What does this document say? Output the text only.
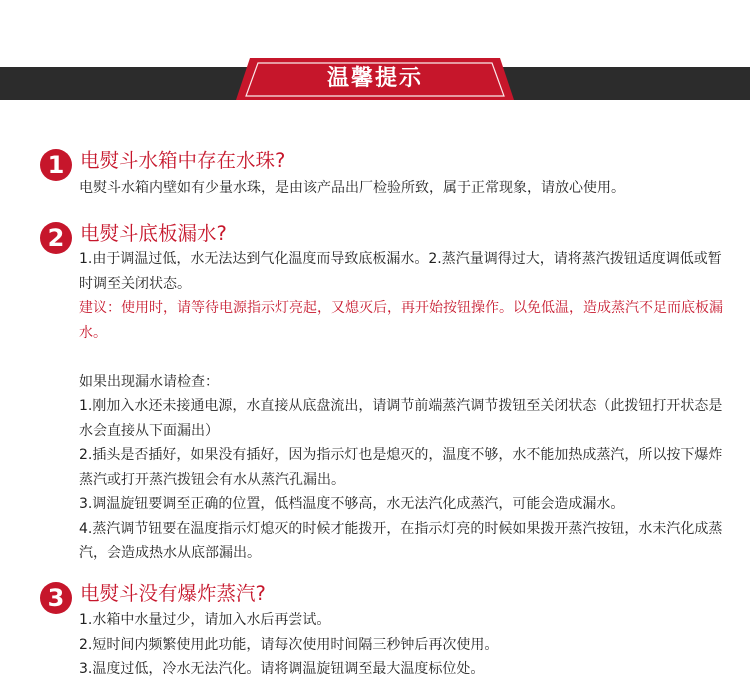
温馨提示
1 电熨斗水箱中存在水珠?

电熨斗水箱内壁如有少量水珠，是由该产品出厂检验所致，属于正常现象，请放心使用。

2 电熨斗底板漏水?

1.由于调温过低，水无法达到气化温度而导致底板漏水。2.蒸汽量调得过大，请将蒸汽拨钮适度调低或暂时调至关闭状态。

建议：使用时，请等待电源指示灯亮起，又熄灭后，再开始按钮操作。以免低温，造成蒸汽不足而底板漏水。

如果出现漏水请检查：

1.刚加入水还未接通电源，水直接从底盘流出，请调节前端蒸汽调节拨钮至关闭状态（此拨钮打开状态是水会直接从下面漏出）

2.插头是否插好，如果没有插好，因为指示灯也是熄灭的，温度不够，水不能加热成蒸汽，所以按下爆炸蒸汽或打开蒸汽拨钮会有水从蒸汽孔漏出。

3.调温旋钮要调至正确的位置，低档温度不够高，水无法汽化成蒸汽，可能会造成漏水。

4.蒸汽调节钮要在温度指示灯熄灭的时候才能拨开，在指示灯亮的时候如果拨开蒸汽按钮，水未汽化成蒸汽，会造成热水从底部漏出。

3 电熨斗没有爆炸蒸汽?

1.水箱中水量过少，请加入水后再尝试。

2.短时间内频繁使用此功能，请每次使用时间隔三秒钟后再次使用。

3.温度过低，冷水无法汽化。请将调温旋钮调至最大温度标位处。
